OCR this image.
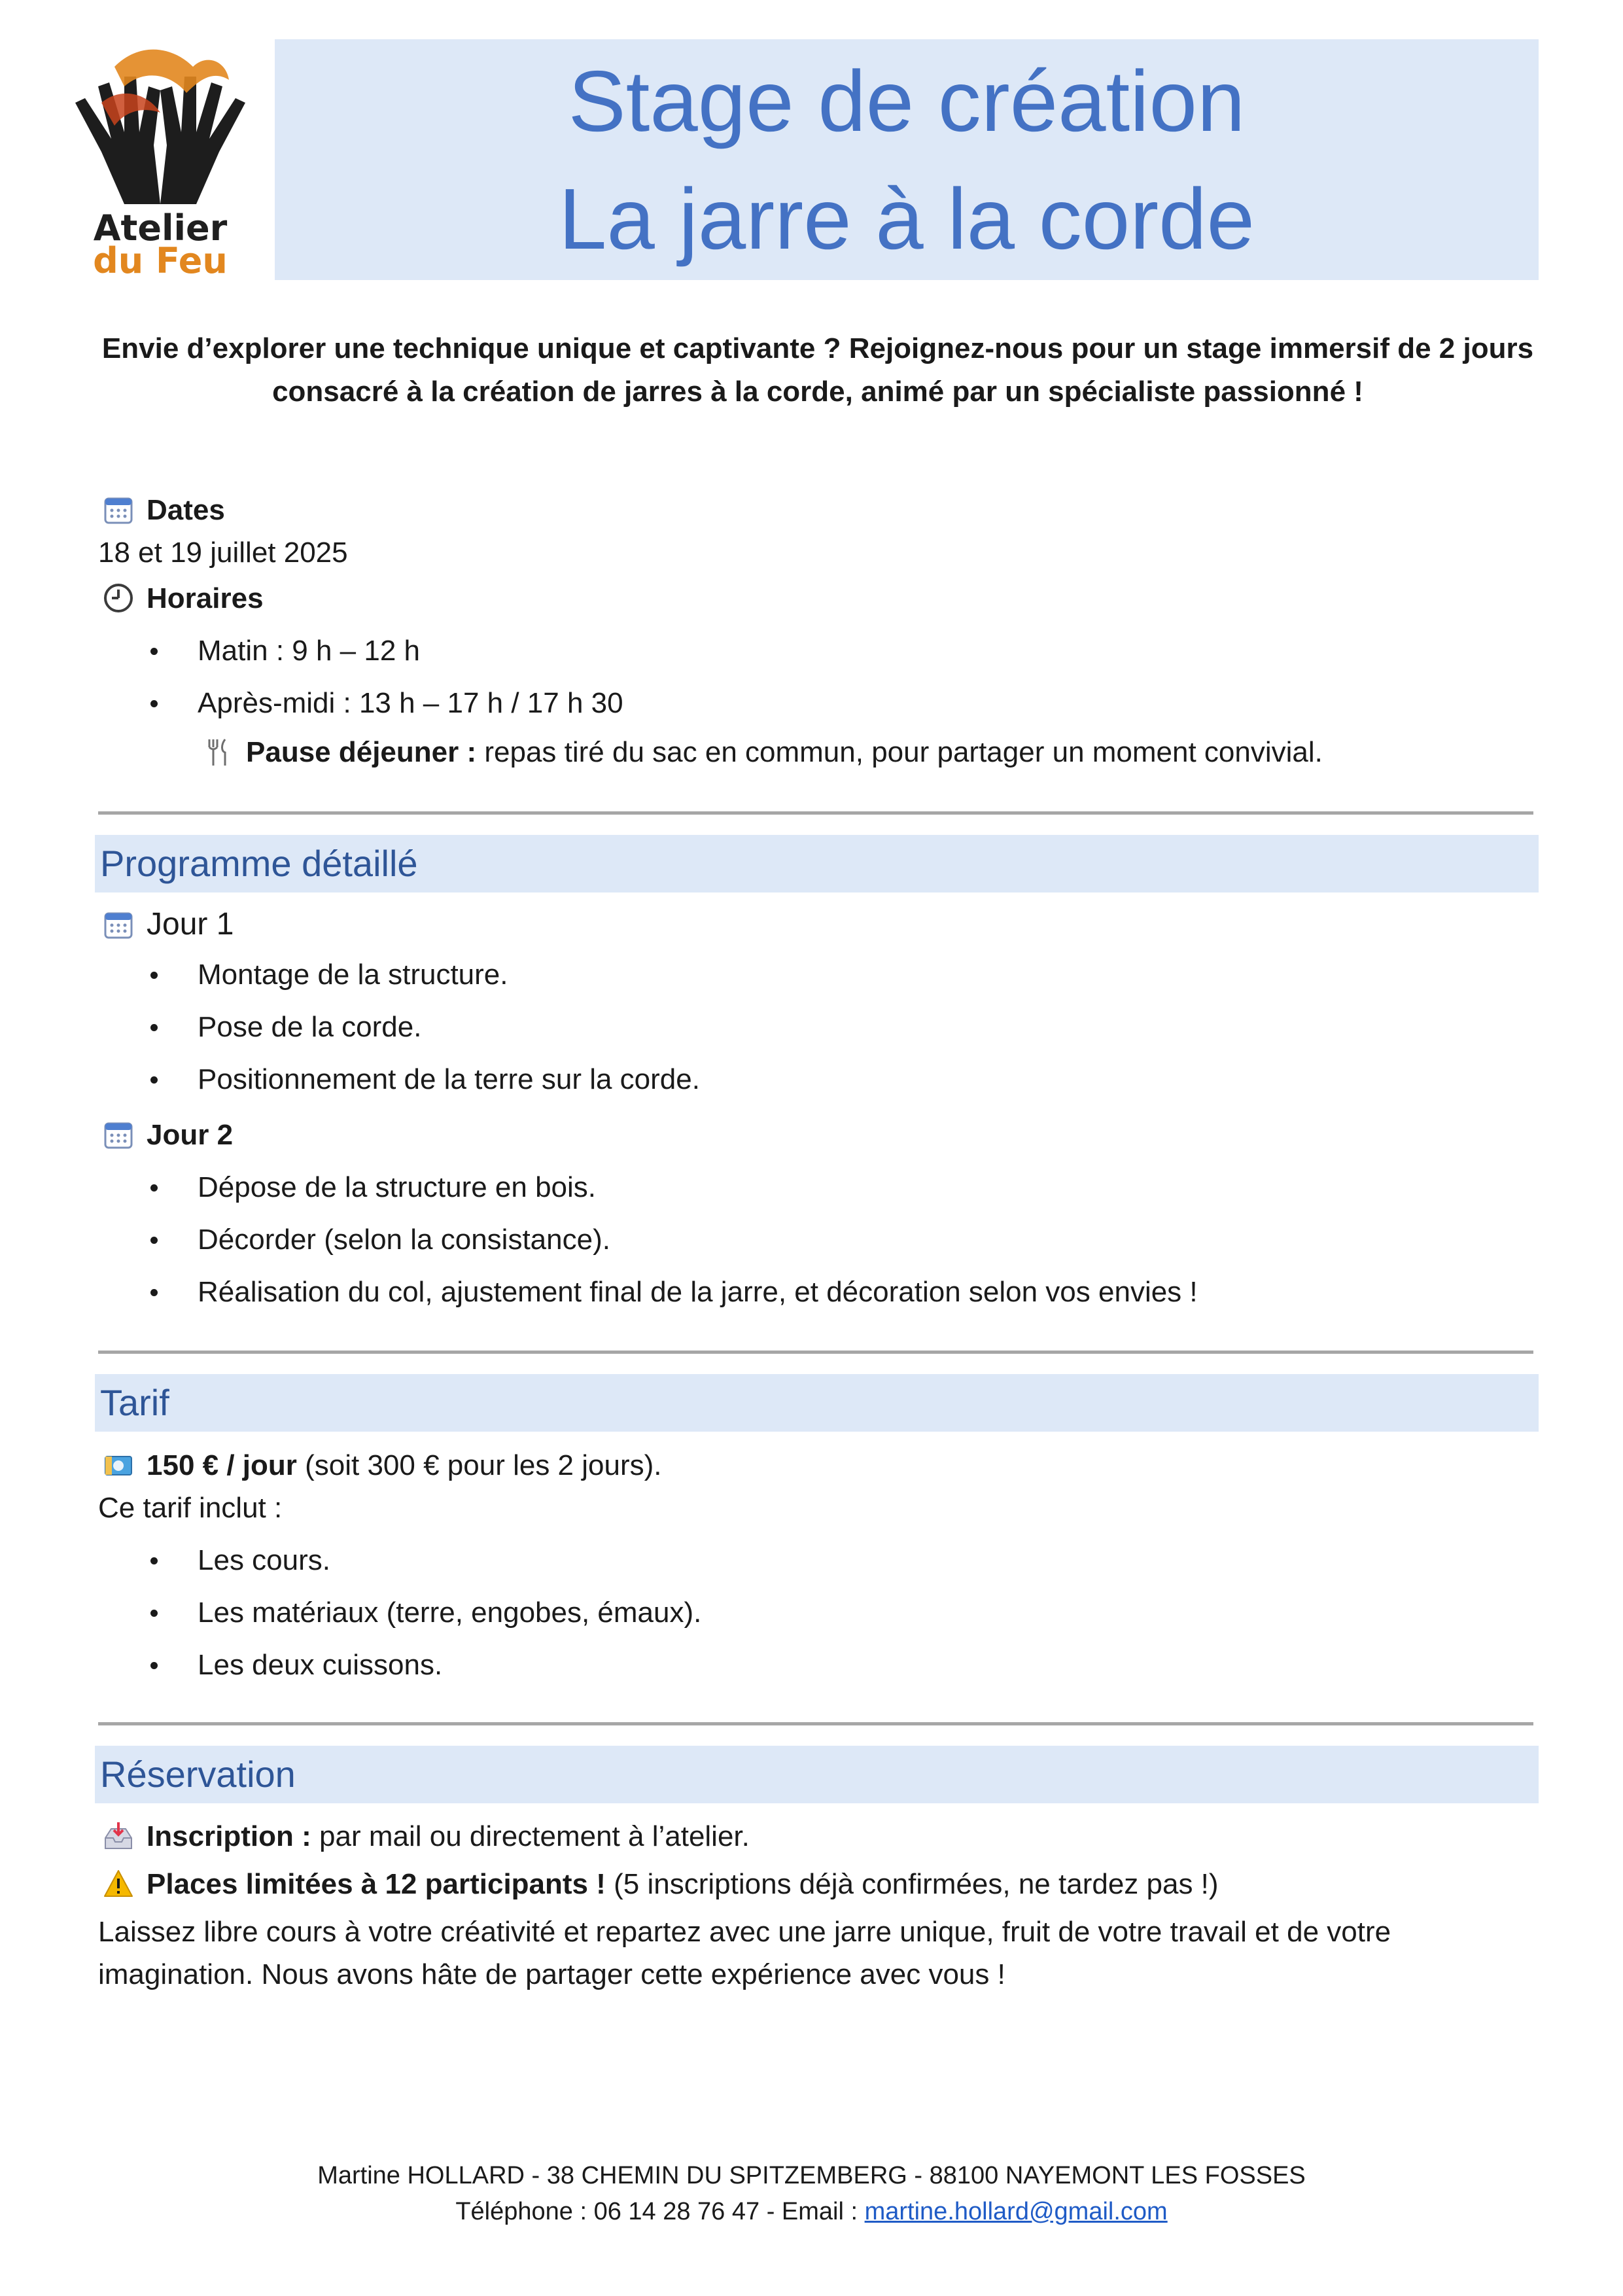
Atelier
du Feu
Stage de création
La jarre à la corde
Envie d’explorer une technique unique et captivante ? Rejoignez-nous pour un stage immersif de 2 jours
consacré à la création de jarres à la corde, animé par un spécialiste passionné !
Dates
18 et 19 juillet 2025
Horaires
Matin : 9 h – 12 h
Après-midi : 13 h – 17 h / 17 h 30
Pause déjeuner : repas tiré du sac en commun, pour partager un moment convivial.
Programme détaillé
Jour 1
Montage de la structure.
Pose de la corde.
Positionnement de la terre sur la corde.
Jour 2
Dépose de la structure en bois.
Décorder (selon la consistance).
Réalisation du col, ajustement final de la jarre, et décoration selon vos envies !
Tarif
150 € / jour (soit 300 € pour les 2 jours).
Ce tarif inclut :
Les cours.
Les matériaux (terre, engobes, émaux).
Les deux cuissons.
Réservation
Inscription : par mail ou directement à l’atelier.
Places limitées à 12 participants ! (5 inscriptions déjà confirmées, ne tardez pas !)
Laissez libre cours à votre créativité et repartez avec une jarre unique, fruit de votre travail et de votre
imagination. Nous avons hâte de partager cette expérience avec vous !
Martine HOLLARD - 38 CHEMIN DU SPITZEMBERG - 88100 NAYEMONT LES FOSSES
Téléphone : 06 14 28 76 47 - Email : martine.hollard@gmail.com
